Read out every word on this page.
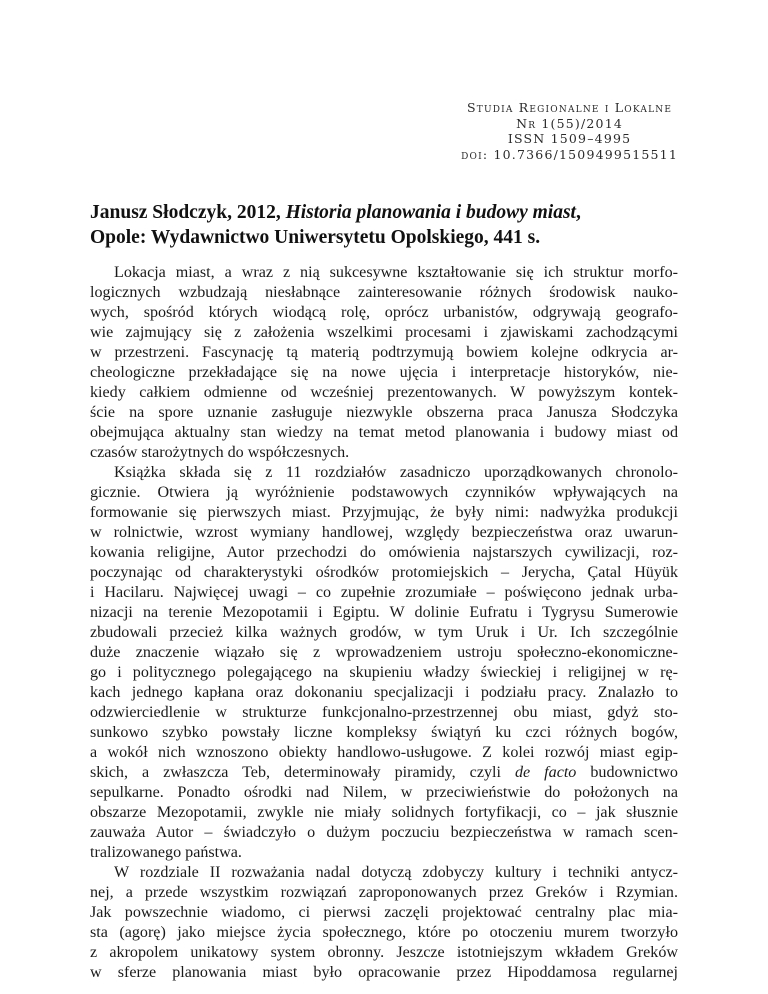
Studia Regionalne i Lokalne
Nr 1(55)/2014
ISSN 1509–4995
doi: 10.7366/1509499515511
Janusz Słodczyk, 2012, Historia planowania i budowy miast,
Opole: Wydawnictwo Uniwersytetu Opolskiego, 441 s.
Lokacja miast, a wraz z nią sukcesywne kształtowanie się ich struktur morfo-
logicznych wzbudzają niesłabnące zainteresowanie różnych środowisk nauko-
wych, spośród których wiodącą rolę, oprócz urbanistów, odgrywają geografo-
wie zajmujący się z założenia wszelkimi procesami i zjawiskami zachodzącymi
w przestrzeni. Fascynację tą materią podtrzymują bowiem kolejne odkrycia ar-
cheologiczne przekładające się na nowe ujęcia i interpretacje historyków, nie-
kiedy całkiem odmienne od wcześniej prezentowanych. W powyższym kontek-
ście na spore uznanie zasługuje niezwykle obszerna praca Janusza Słodczyka
obejmująca aktualny stan wiedzy na temat metod planowania i budowy miast od
czasów starożytnych do współczesnych.
Książka składa się z 11 rozdziałów zasadniczo uporządkowanych chronolo-
gicznie. Otwiera ją wyróżnienie podstawowych czynników wpływających na
formowanie się pierwszych miast. Przyjmując, że były nimi: nadwyżka produkcji
w rolnictwie, wzrost wymiany handlowej, względy bezpieczeństwa oraz uwarun-
kowania religijne, Autor przechodzi do omówienia najstarszych cywilizacji, roz-
poczynając od charakterystyki ośrodków protomiejskich – Jerycha, Çatal Hüyük
i Hacilaru. Najwięcej uwagi – co zupełnie zrozumiałe – poświęcono jednak urba-
nizacji na terenie Mezopotamii i Egiptu. W dolinie Eufratu i Tygrysu Sumerowie
zbudowali przecież kilka ważnych grodów, w tym Uruk i Ur. Ich szczególnie
duże znaczenie wiązało się z wprowadzeniem ustroju społeczno-ekonomiczne-
go i politycznego polegającego na skupieniu władzy świeckiej i religijnej w rę-
kach jednego kapłana oraz dokonaniu specjalizacji i podziału pracy. Znalazło to
odzwierciedlenie w strukturze funkcjonalno-przestrzennej obu miast, gdyż sto-
sunkowo szybko powstały liczne kompleksy świątyń ku czci różnych bogów,
a wokół nich wznoszono obiekty handlowo-usługowe. Z kolei rozwój miast egip-
skich, a zwłaszcza Teb, determinowały piramidy, czyli de facto budownictwo
sepulkarne. Ponadto ośrodki nad Nilem, w przeciwieństwie do położonych na
obszarze Mezopotamii, zwykle nie miały solidnych fortyfikacji, co – jak słusznie
zauważa Autor – świadczyło o dużym poczuciu bezpieczeństwa w ramach scen-
tralizowanego państwa.
W rozdziale II rozważania nadal dotyczą zdobyczy kultury i techniki antycz-
nej, a przede wszystkim rozwiązań zaproponowanych przez Greków i Rzymian.
Jak powszechnie wiadomo, ci pierwsi zaczęli projektować centralny plac mia-
sta (agorę) jako miejsce życia społecznego, które po otoczeniu murem tworzyło
z akropolem unikatowy system obronny. Jeszcze istotniejszym wkładem Greków
w sferze planowania miast było opracowanie przez Hipoddamosa regularnej
